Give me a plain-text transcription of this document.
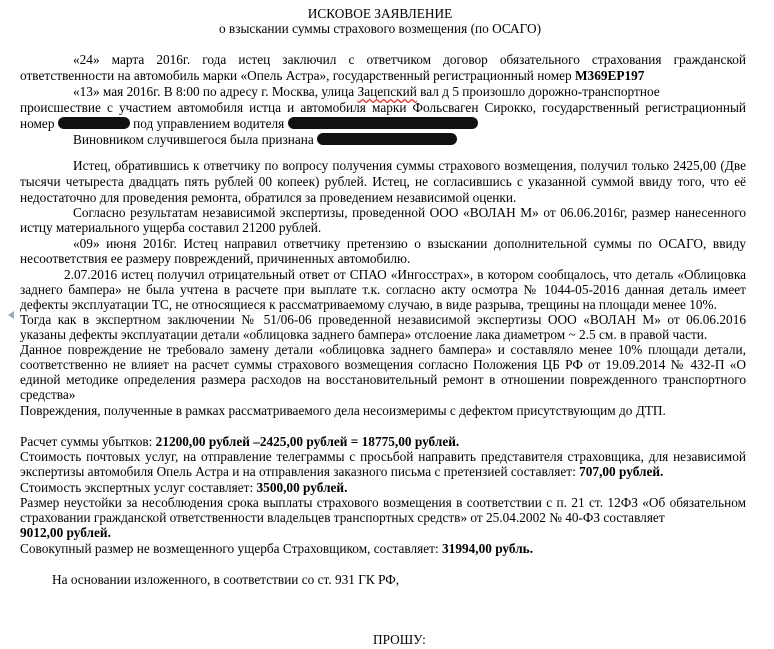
ИСКОВОЕ ЗАЯВЛЕНИЕ
о взыскании суммы страхового возмещения (по ОСАГО)
«24» марта 2016г. года истец заключил с ответчиком договор обязательного страхования гражданской
ответственности на автомобиль марки «Опель Астра», государственный регистрационный номер М369ЕР197
«13» мая 2016г. В 8:00 по адресу г. Москва, улица Зацепский вал д 5 произошло дорожно-транспортное
происшествие с участием автомобиля истца и автомобиля марки Фольсваген Сирокко, государственный регистрационный
номер	под управлением водителя
Виновником случившегося была признана
Истец, обратившись к ответчику по вопросу получения суммы страхового возмещения, получил только 2425,00 (Две
тысячи четыреста двадцать пять рублей 00 копеек) рублей. Истец, не согласившись с указанной суммой ввиду того, что её
недостаточно для проведения ремонта, обратился за проведением независимой оценки.
Согласно результатам независимой экспертизы, проведенной ООО «ВОЛАН М» от 06.06.2016г, размер нанесенного
истцу материального ущерба составил 21200 рублей.
«09» июня 2016г. Истец направил ответчику претензию о взыскании дополнительной суммы по ОСАГО, ввиду
несоответствия ее размеру повреждений, причиненных автомобилю.
2.07.2016 истец получил отрицательный ответ от СПАО «Ингосстрах», в котором сообщалось, что деталь «Облицовка
заднего бампера» не была учтена в расчете при выплате т.к. согласно акту осмотра № 1044-05-2016 данная деталь имеет
дефекты эксплуатации ТС, не относящиеся к рассматриваемому случаю, в виде разрыва, трещины на площади менее 10%.
Тогда как в экспертном заключении № 51/06-06 проведенной независимой экспертизы ООО «ВОЛАН М» от 06.06.2016
указаны дефекты эксплуатации детали «облицовка заднего бампера» отслоение лака диаметром ~ 2.5 см. в правой части.
Данное повреждение не требовало замену детали «облицовка заднего бампера» и составляло менее 10% площади детали,
соответственно не влияет на расчет суммы страхового возмещения согласно Положения ЦБ РФ от 19.09.2014 № 432-П «О
единой методике определения размера расходов на восстановительный ремонт в отношении поврежденного транспортного
средства»
Повреждения, полученные в рамках рассматриваемого дела несоизмеримы с дефектом присутствующим до ДТП.
Расчет суммы убытков: 21200,00 рублей –2425,00 рублей = 18775,00 рублей.
Стоимость почтовых услуг, на отправление телеграммы с просьбой направить представителя страховщика, для независимой
экспертизы автомобиля Опель Астра и на отправления заказного письма с претензией составляет: 707,00 рублей.
Стоимость экспертных услуг составляет: 3500,00 рублей.
Размер неустойки за несоблюдения срока выплаты страхового возмещения в соответствии с п. 21 ст. 12ФЗ «Об обязательном
страховании гражданской ответственности владельцев транспортных средств» от 25.04.2002 № 40-ФЗ составляет
9012,00 рублей.
Совокупный размер не возмещенного ущерба Страховщиком, составляет: 31994,00 рубль.
На основании изложенного, в соответствии со ст. 931 ГК РФ,
ПРОШУ:
